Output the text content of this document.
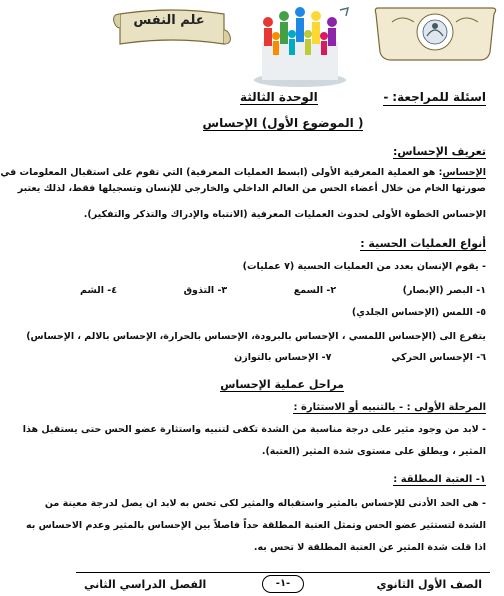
علم النفس
اسئلة للمراجعة:-
الوحدة الثالثة
( الموضوع الأول) الإحساس
تعريف الإحساس:
الإحساس: هو العملية المعرفية الأولى (ابسط العمليات المعرفية) التي تقوم على استقبال المعلومات في
صورتها الخام من خلال أعضاء الحس من العالم الداخلي والخارجي للإنسان وتسجيلها فقط، لذلك يعتبر
الإحساس الخطوة الأولى لحدوث العمليات المعرفية (الانتباه والإدراك والتذكر والتفكير).
أنواع العمليات الحسية :
- يقوم الإنسان بعدد من العمليات الحسية (٧ عمليات)
١- البصر (الإبصار)
٢- السمع
٣- التذوق
٤- الشم
٥- اللمس (الإحساس الجلدي)
يتفرع الى (الإحساس اللمسي ، الإحساس بالبرودة، الإحساس بالحرارة، الإحساس بالالم ، الإحساس)
٦- الإحساس الحركي
٧- الإحساس بالتوازن
مراحل عملية الإحساس
المرحلة الأولى : - بالتنبيه أو الاستثارة :
- لابد من وجود مثير على درجة مناسبة من الشدة تكفى لتنبيه واستثارة عضو الحس حتى يستقبل هذا
المثير ، ويطلق على مستوى شدة المثير (العتبة).
١- العتبة المطلقة :
- هى الحد الأدنى للإحساس بالمثير واستقباله والمثير لكى تحس به لابد ان يصل لدرجة معينة من
الشدة لتستثير عضو الحس وتمثل العتبة المطلقة حداً فاصلاً بين الإحساس بالمثير وعدم الاحساس به
اذا قلت شدة المثير عن العتبة المطلقة لا تحس به.
الصف الأول الثانوي
-١-
الفصل الدراسي الثاني
